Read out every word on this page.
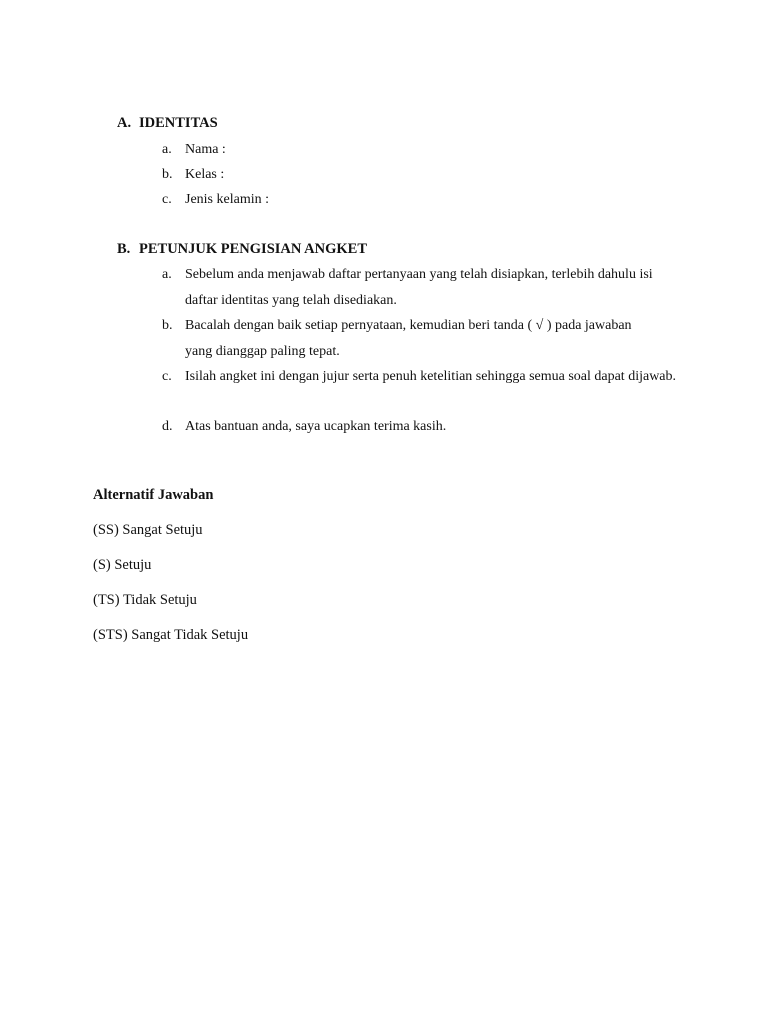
A. IDENTITAS
a. Nama :
b. Kelas :
c. Jenis kelamin :
B. PETUNJUK PENGISIAN ANGKET
a. Sebelum anda menjawab daftar pertanyaan yang telah disiapkan, terlebih dahulu isi daftar identitas yang telah disediakan.
b. Bacalah dengan baik setiap pernyataan, kemudian beri tanda ( √ ) pada jawaban yang dianggap paling tepat.
c. Isilah angket ini dengan jujur serta penuh ketelitian sehingga semua soal dapat dijawab.
d. Atas bantuan anda, saya ucapkan terima kasih.
Alternatif Jawaban
(SS) Sangat Setuju
(S) Setuju
(TS) Tidak Setuju
(STS) Sangat Tidak Setuju
